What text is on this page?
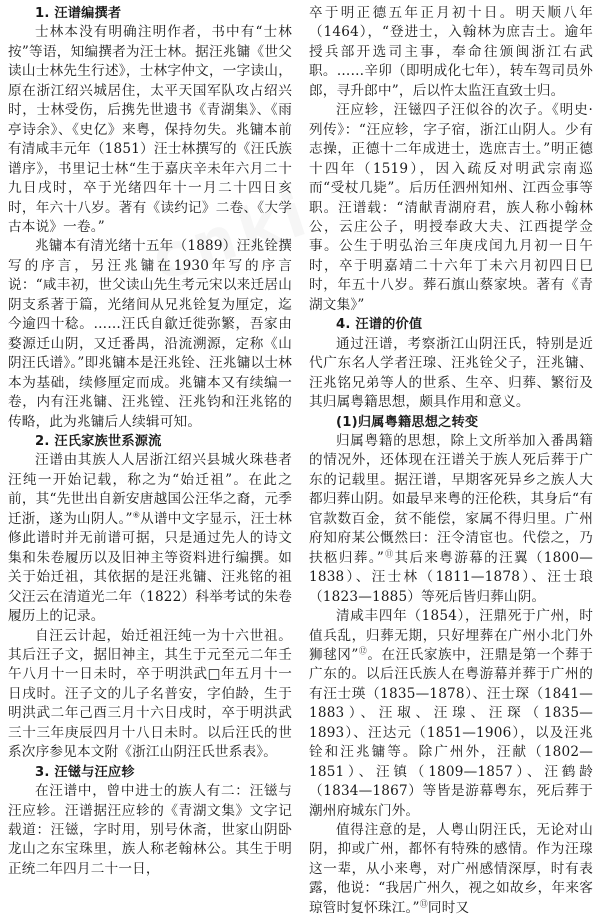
1. 汪谱编撰者

士林本没有明确注明作者，书中有“士林按”等语，知编撰者为汪士林。据汪兆镛《世父读山士林先生行述》，士林字仲文，一字读山，原在浙江绍兴城居住，太平天国军队攻占绍兴时，士林受伤，后携先世遗书《青湖集》、《雨亭诗余》、《史亿》来粤，保持勿失。兆镛本前有清咸丰元年（1851）汪士林撰写的《汪氏族谱序》，书里记士林“生于嘉庆辛未年六月二十九日戌时，卒于光绪四年十一月二十四日亥时，年六十八岁。著有《读约记》二卷、《大学古本说》一卷。”

兆镛本有清光绪十五年（1889）汪兆铨撰写的序言，另汪兆镛在1930年写的序言说：“咸丰初，世父读山先生考元宋以来迁居山阴支系著于篇，光绪间从兄兆铨复为厘定，迄今逾四十稔。……汪氏自歙迁徙弥繁，吾家由婺源迁山阴，又迁番禺，沿流溯源，定称《山阴汪氏谱》。”即兆镛本是汪兆铨、汪兆镛以士林本为基础，续修厘定而成。兆镛本又有续编一卷，内有汪兆镛、汪兆镗、汪兆钧和汪兆铭的传略，此为兆镛后人续辑可知。

2. 汪氏家族世系源流

汪谱由其族人人居浙江绍兴县城火珠巷者汪纯一开始记载，称之为“始迁祖”。在此之前，其“先世出自新安唐越国公汪华之裔，元季迁浙，遂为山阴人。”⑥从谱中文字显示，汪士林修此谱时并无前谱可据，只是通过先人的诗文集和朱卷履历以及旧神主等资料进行编撰。如关于始迁祖，其依据的是汪兆镛、汪兆铭的祖父汪云在清道光二年（1822）科举考试的朱卷履历上的记录。

自汪云计起，始迁祖汪纯一为十六世祖。其后汪子文，据旧神主，其生于元至元二年壬午八月十一日未时，卒于明洪武□年五月十一日戌时。汪子文的儿子名普安，字伯龄，生于明洪武二年己酉三月十六日戌时，卒于明洪武三十三年庚辰四月十八日未时。以后汪氏的世系次序参见本文附《浙江山阴汪氏世系表》。

3. 汪镃与汪应轸

在汪谱中，曾中进士的族人有二：汪镃与汪应轸。汪谱据汪应轸的《青湖文集》文字记载道：汪镃，字时用，别号休斋，世家山阴卧龙山之东宝珠里，族人称老翰林公。其生于明正统二年四月二十一日，

卒于明正德五年正月初十日。明天顺八年（1464），“登进士，入翰林为庶吉士。逾年授兵部开选司主事，奉命往颁闽浙江右武职。……辛卯（即明成化七年），转车驾司员外郎，寻升郎中”，后以忤太监汪直致士归。

汪应轸，汪镃四子汪似谷的次子。《明史·列传》：“汪应轸，字子宿，浙江山阴人。少有志操，正德十二年成进士，选庶吉士。”明正德十四年（1519），因入疏反对明武宗南巡而“受杖几毙”。后历任泗州知州、江西佥事等职。汪谱载：“清献青湖府君，族人称小翰林公，云庄公子，明授奉政大夫、江西提学佥事。公生于明弘治三年庚戌闰九月初一日午时，卒于明嘉靖二十六年丁未六月初四日巳时，年五十八岁。葬石旗山蔡家坱。著有《青湖文集》”

4. 汪谱的价值

通过汪谱，考察浙江山阴汪氏，特别是近代广东名人学者汪瑔、汪兆铨父子，汪兆镛、汪兆铭兄弟等人的世系、生卒、归葬、繁衍及其归属粤籍思想，颇具作用和意义。

(1)归属粤籍思想之转变

归属粤籍的思想，除上文所举加入番禺籍的情况外，还体现在汪谱关于族人死后葬于广东的记载里。据汪谱，早期客死异乡之族人大都归葬山阴。如最早来粤的汪伦秩，其身后“有官款数百金，贫不能偿，家属不得归里。广州府知府某公慨然曰：汪令清宦也。代偿之，乃扶柩归葬。”⑪其后来粤游幕的汪翼（1800—1838）、汪士林（1811—1878）、汪士琅（1823—1885）等死后皆归葬山阴。

清咸丰四年（1854），汪鼎死于广州，时值兵乱，归葬无期，只好埋葬在广州小北门外狮毬冈”⑫。在汪氏家族中，汪鼎是第一个葬于广东的。以后汪氏族人在粤游幕并葬于广州的有汪士瑛（1835—1878）、汪士琛（1841—1883）、汪琡、汪瑔、汪琛（1835—1893）、汪达元（1851—1906），以及汪兆铨和汪兆镛等。除广州外，汪献（1802—1851）、汪镇（1809—1857）、汪鹤龄（1834—1867）等皆是游幕粤东，死后葬于潮州府城东门外。

值得注意的是，人粤山阴汪氏，无论对山阴，抑或广州，都怀有特殊的感情。作为汪瑔这一辈，从小来粤，对广州感情深厚，时有表露，他说：“我居广州久，视之如故乡，年来客琼管时复怀珠江。”⑬同时又
